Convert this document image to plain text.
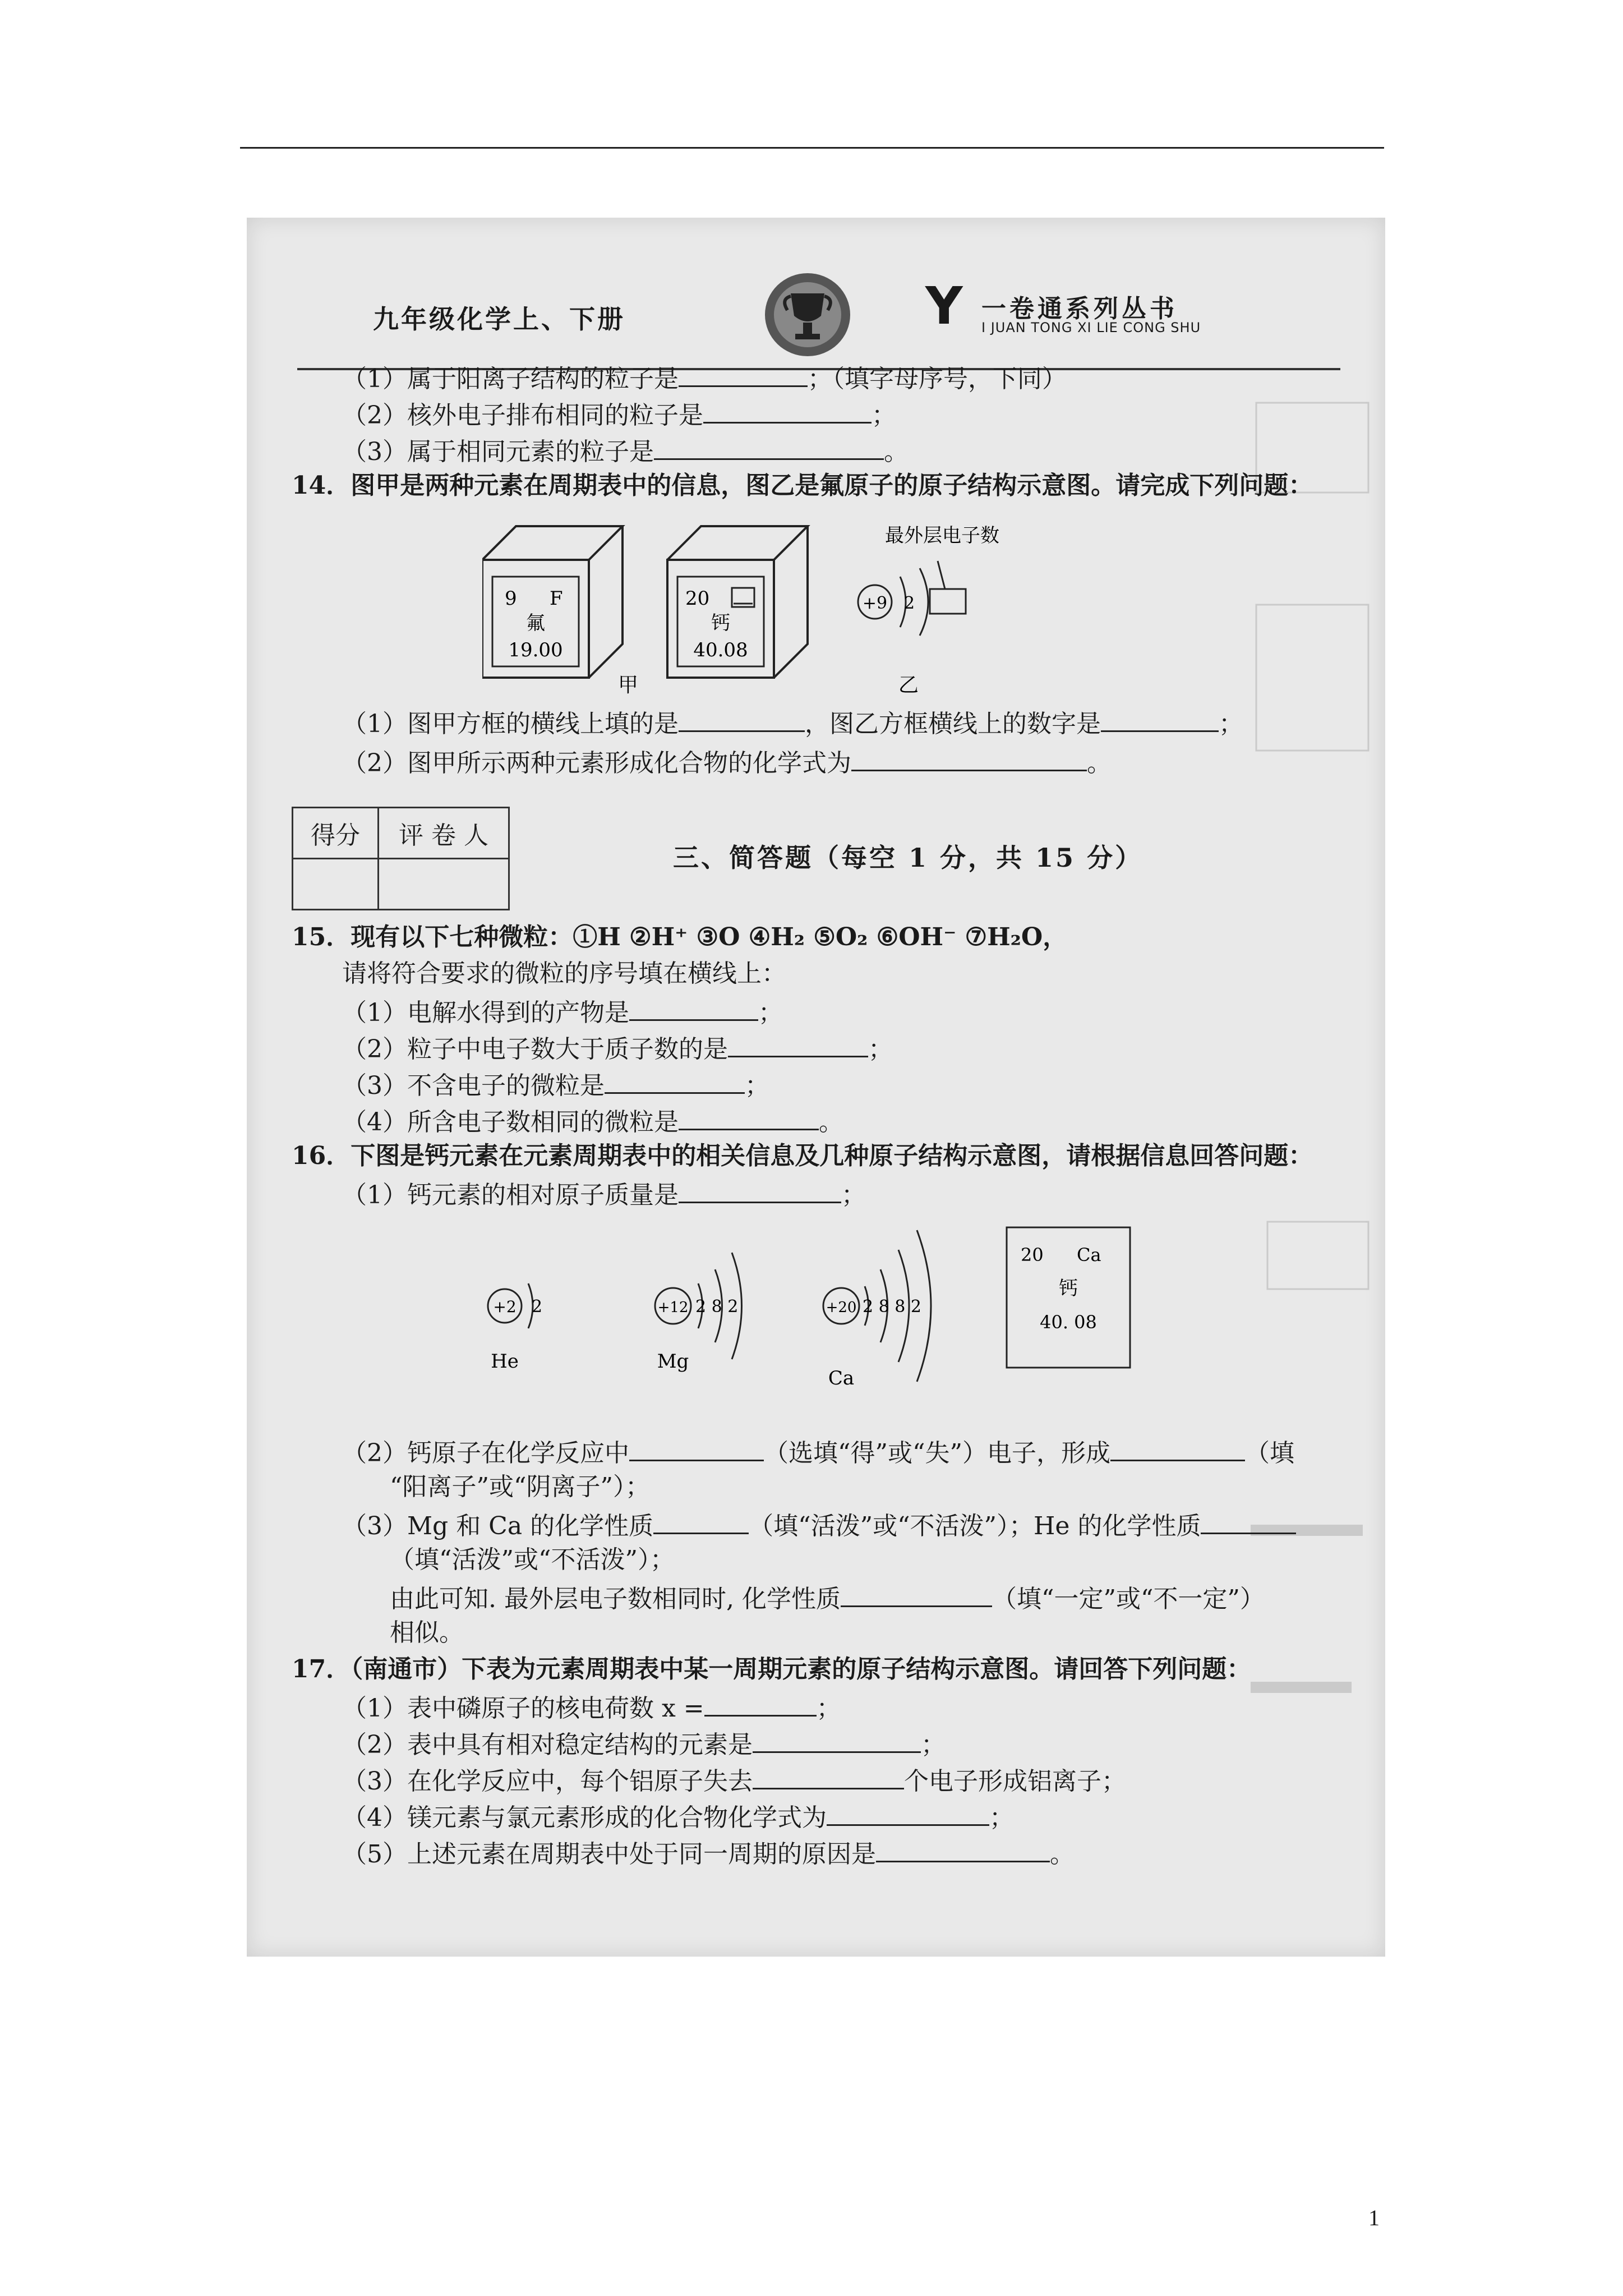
九年级化学上、下册	Y 一卷通系列丛书
I JUAN TONG XI LIE CONG SHU
（1）属于阳离子结构的粒子是	；（填字母序号，下同）
（2）核外电子排布相同的粒子是	；
（3）属于相同元素的粒子是	。
14．图甲是两种元素在周期表中的信息，图乙是氟原子的原子结构示意图。请完成下列问题：
9 F
氟
19.00
20
钙
40.08
甲
+9 2
最外层电子数
乙
（1）图甲方框的横线上填的是	，图乙方框横线上的数字是	；
（2）图甲所示两种元素形成化合物的化学式为	。
得分	评 卷 人

三、简答题（每空 1 分，共 15 分）
15．现有以下七种微粒：①H ②H⁺ ③O ④H₂ ⑤O₂ ⑥OH⁻ ⑦H₂O，
请将符合要求的微粒的序号填在横线上：
（1）电解水得到的产物是	；
（2）粒子中电子数大于质子数的是	；
（3）不含电子的微粒是	；
（4）所含电子数相同的微粒是	。
16．下图是钙元素在元素周期表中的相关信息及几种原子结构示意图，请根据信息回答问题：
（1）钙元素的相对原子质量是	；
+2 2
He
+12 2 8 2
Mg
+20 2 8 8 2
Ca
20 Ca
钙
40. 08
（2）钙原子在化学反应中	（选填“得”或“失”）电子，形成	（填
“阳离子”或“阴离子”）；
（3）Mg 和 Ca 的化学性质	（填“活泼”或“不活泼”）；He 的化学性质
（填“活泼”或“不活泼”）；
由此可知. 最外层电子数相同时, 化学性质	（填“一定”或“不一定”）
相似。
17．（南通市）下表为元素周期表中某一周期元素的原子结构示意图。请回答下列问题：
（1）表中磷原子的核电荷数 x =	；
（2）表中具有相对稳定结构的元素是	；
（3）在化学反应中，每个铝原子失去	个电子形成铝离子；
（4）镁元素与氯元素形成的化合物化学式为	；
（5）上述元素在周期表中处于同一周期的原因是	。
1
